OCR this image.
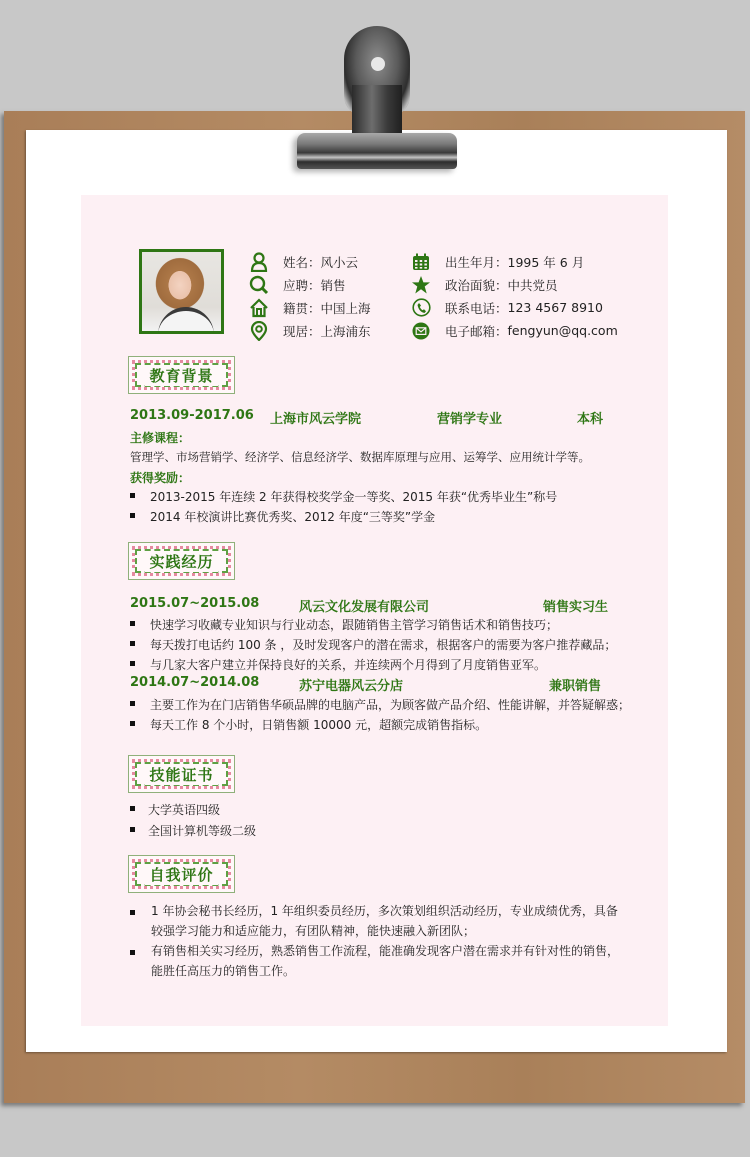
姓名： 风小云
应聘： 销售
籍贯： 中国上海
现居： 上海浦东
出生年月： 1995 年 6 月
政治面貌： 中共党员
联系电话： 123 4567 8910
电子邮箱： fengyun@qq.com
教育背景
2013.09-2017.06 上海市风云学院	营销学专业	本科
主修课程：
管理学、市场营销学、经济学、信息经济学、数据库原理与应用、运筹学、应用统计学等。
获得奖励：
2013-2015 年连续 2 年获得校奖学金一等奖、2015 年获“优秀毕业生”称号
2014 年校演讲比赛优秀奖、2012 年度“三等奖”学金
实践经历
2015.07~2015.08	风云文化发展有限公司	销售实习生
快速学习收藏专业知识与行业动态，跟随销售主管学习销售话术和销售技巧；
每天拨打电话约 100 条 ，及时发现客户的潜在需求，根据客户的需要为客户推荐藏品；
与几家大客户建立并保持良好的关系，并连续两个月得到了月度销售亚军。
2014.07~2014.08	苏宁电器风云分店	兼职销售
主要工作为在门店销售华硕品牌的电脑产品，为顾客做产品介绍、性能讲解，并答疑解惑；
每天工作 8 个小时，日销售额 10000 元，超额完成销售指标。
技能证书
大学英语四级
全国计算机等级二级
自我评价
1 年协会秘书长经历，1 年组织委员经历，多次策划组织活动经历，专业成绩优秀，具备
较强学习能力和适应能力，有团队精神，能快速融入新团队；
有销售相关实习经历，熟悉销售工作流程，能准确发现客户潜在需求并有针对性的销售，
能胜任高压力的销售工作。
